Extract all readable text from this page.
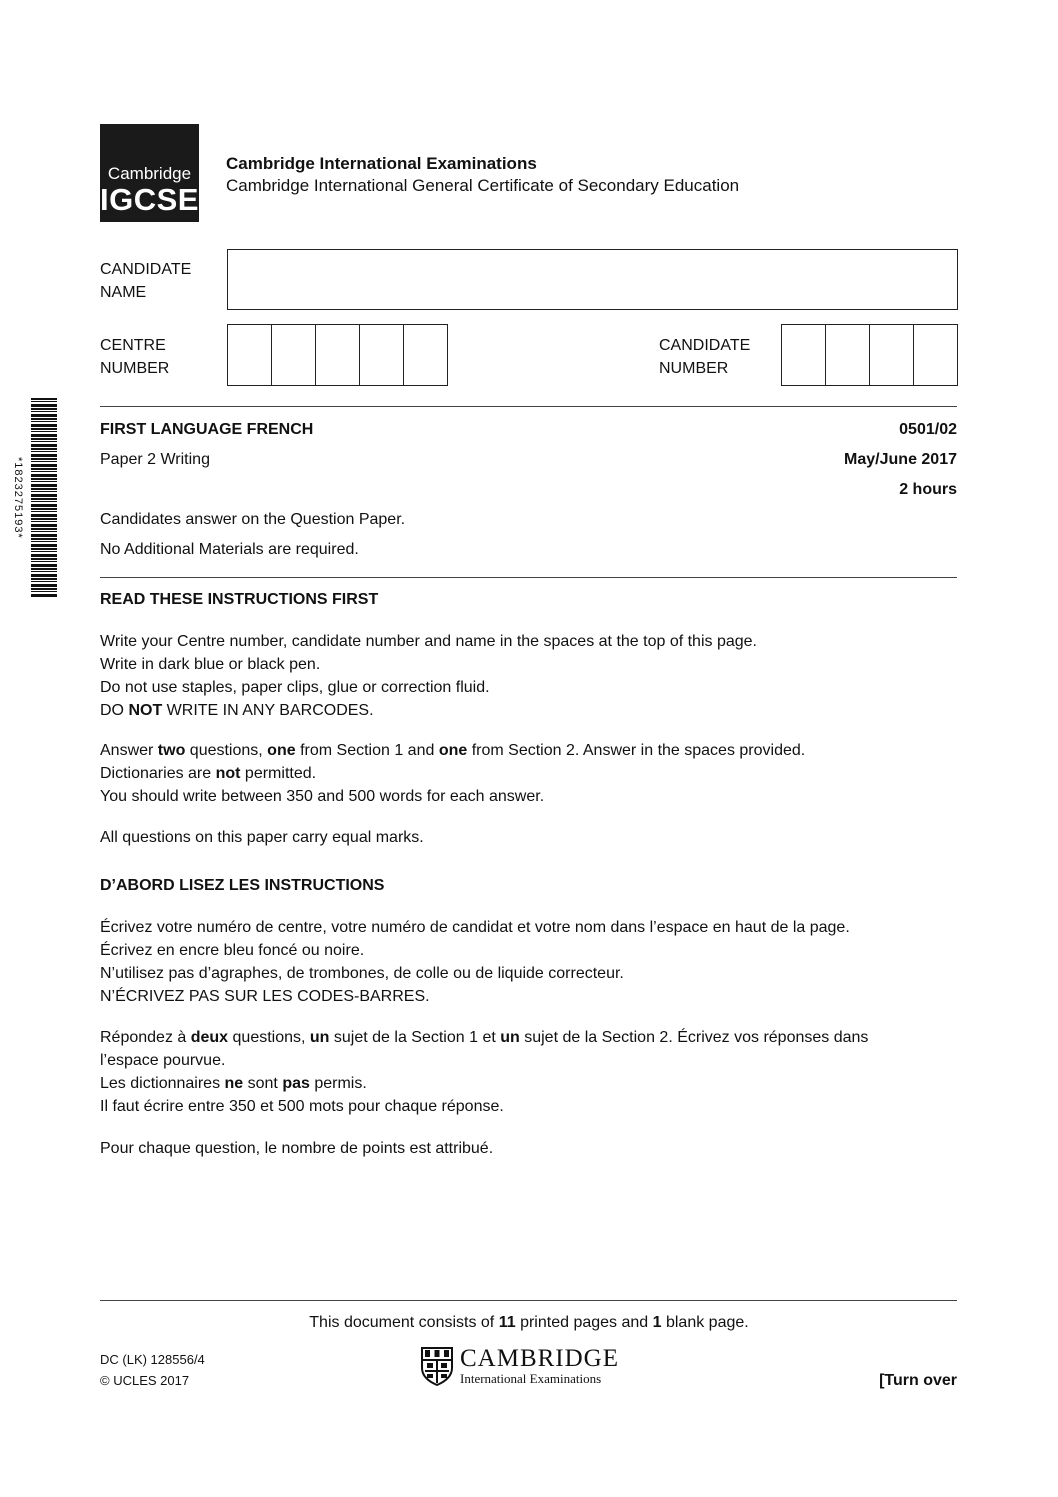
Cambridge
IGCSE
Cambridge International Examinations
Cambridge International General Certificate of Secondary Education
CANDIDATE
NAME
CENTRE
NUMBER
CANDIDATE
NUMBER
*1823275193*
FIRST LANGUAGE FRENCH	0501/02
Paper 2 Writing	May/June 2017
2 hours
Candidates answer on the Question Paper.
No Additional Materials are required.
READ THESE INSTRUCTIONS FIRST
Write your Centre number, candidate number and name in the spaces at the top of this page.
Write in dark blue or black pen.
Do not use staples, paper clips, glue or correction fluid.
DO NOT WRITE IN ANY BARCODES.
Answer two questions, one from Section 1 and one from Section 2. Answer in the spaces provided.
Dictionaries are not permitted.
You should write between 350 and 500 words for each answer.
All questions on this paper carry equal marks.
D’ABORD LISEZ LES INSTRUCTIONS
Écrivez votre numéro de centre, votre numéro de candidat et votre nom dans l’espace en haut de la page.
Écrivez en encre bleu foncé ou noire.
N’utilisez pas d’agraphes, de trombones, de colle ou de liquide correcteur.
N’ÉCRIVEZ PAS SUR LES CODES-BARRES.
Répondez à deux questions, un sujet de la Section 1 et un sujet de la Section 2. Écrivez vos réponses dans
l’espace pourvue.
Les dictionnaires ne sont pas permis.
Il faut écrire entre 350 et 500 mots pour chaque réponse.
Pour chaque question, le nombre de points est attribué.
This document consists of 11 printed pages and 1 blank page.
DC (LK) 128556/4
© UCLES 2017
CAMBRIDGE
International Examinations	[Turn over
